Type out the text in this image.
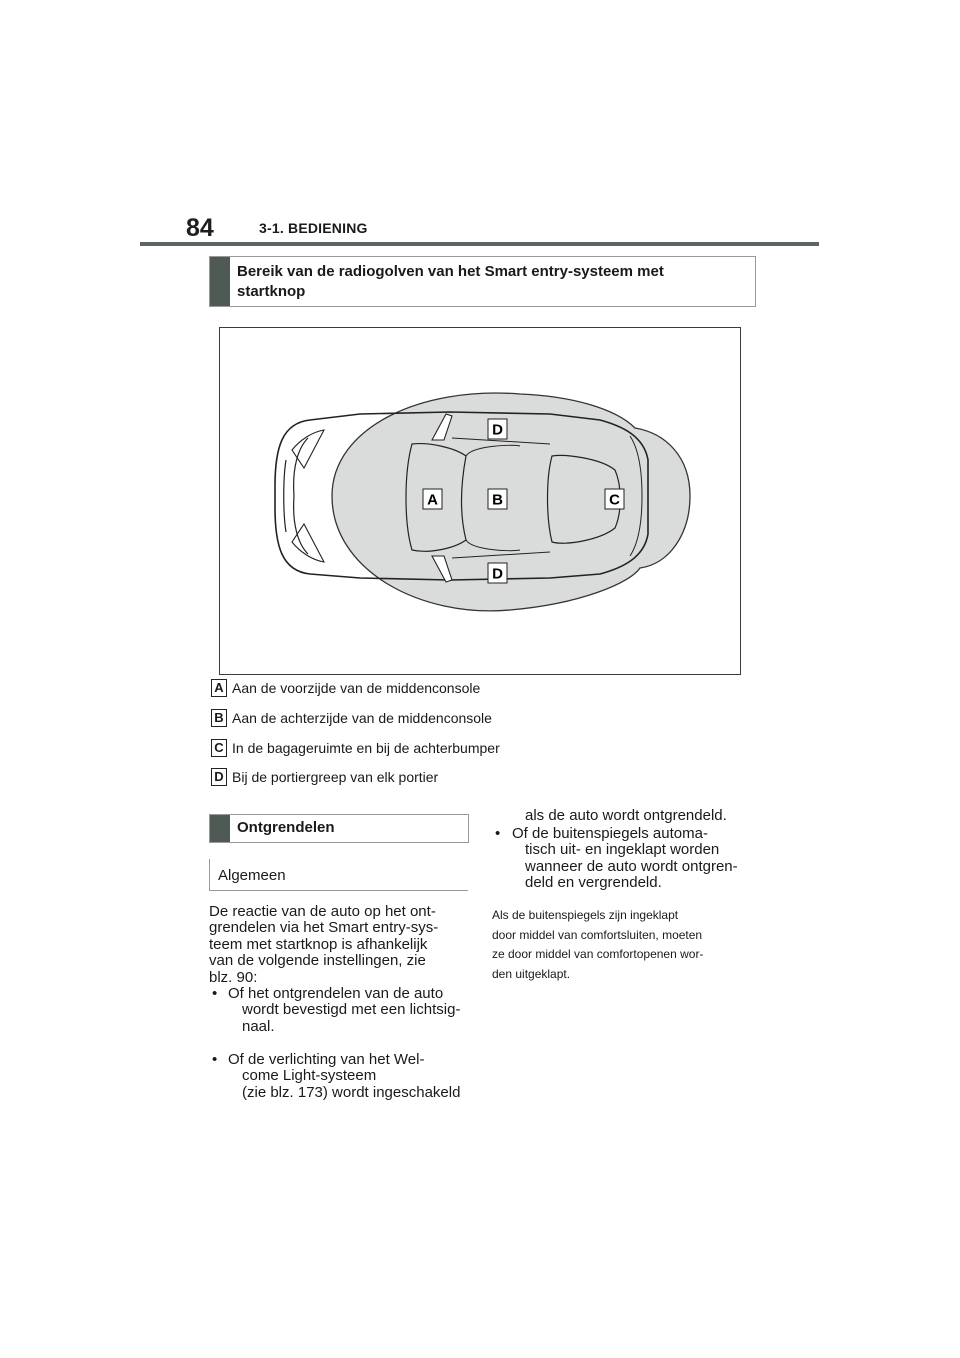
84	3-1. BEDIENING
Bereik van de radiogolven van het Smart entry-systeem met
startknop
A	B	C
D
D
A Aan de voorzijde van de middenconsole
B Aan de achterzijde van de middenconsole
C In de bagageruimte en bij de achterbumper
D Bij de portiergreep van elk portier
Ontgrendelen
Algemeen
De reactie van de auto op het ont-
grendelen via het Smart entry-sys-
teem met startknop is afhankelijk
van de volgende instellingen, zie
blz. 90:
• Of het ontgrendelen van de auto
wordt bevestigd met een lichtsig-
naal.
• Of de verlichting van het Wel-
come Light-systeem
(zie blz. 173) wordt ingeschakeld
als de auto wordt ontgrendeld.
• Of de buitenspiegels automa-
tisch uit- en ingeklapt worden
wanneer de auto wordt ontgren-
deld en vergrendeld.
Als de buitenspiegels zijn ingeklapt
door middel van comfortsluiten, moeten
ze door middel van comfortopenen wor-
den uitgeklapt.
